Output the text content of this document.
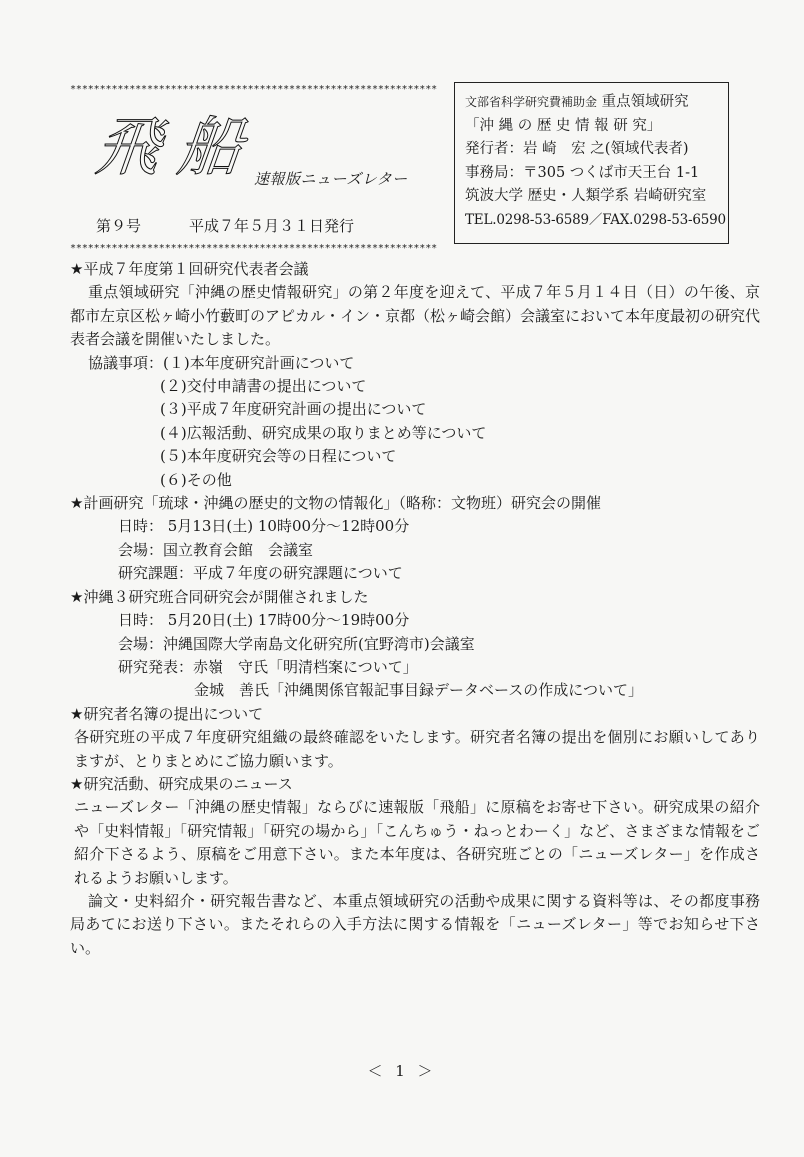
**************************************************************
飛船
速報版ニューズレター
第９号	平成７年５月３１日発行
**************************************************************
文部省科学研究費補助金 重点領域研究
「沖 縄 の 歴 史 情 報 研 究」
発行者：岩 崎　宏 之(領域代表者)
事務局：〒305 つくば市天王台 1-1
筑波大学 歴史・人類学系 岩崎研究室
TEL.0298-53-6589／FAX.0298-53-6590

★平成７年度第１回研究代表者会議

重点領域研究「沖縄の歴史情報研究」の第２年度を迎えて、平成７年５月１４日（日）の午後、京都市左京区松ヶ崎小竹藪町のアピカル・イン・京都（松ヶ崎会館）会議室において本年度最初の研究代表者会議を開催いたしました。

協議事項：(１)本年度研究計画について

(２)交付申請書の提出について

(３)平成７年度研究計画の提出について

(４)広報活動、研究成果の取りまとめ等について

(５)本年度研究会等の日程について

(６)その他

★計画研究「琉球・沖縄の歴史的文物の情報化」（略称：文物班）研究会の開催

日時： 5月13日(土) 10時00分～12時00分

会場：国立教育会館　会議室

研究課題：平成７年度の研究課題について

★沖縄３研究班合同研究会が開催されました

日時： 5月20日(土) 17時00分～19時00分

会場：沖縄国際大学南島文化研究所(宜野湾市)会議室

研究発表：赤嶺　守氏「明清档案について」

金城　善氏「沖縄関係官報記事目録データベースの作成について」

★研究者名簿の提出について

各研究班の平成７年度研究組織の最終確認をいたします。研究者名簿の提出を個別にお願いしてありますが、とりまとめにご協力願います。

★研究活動、研究成果のニュース

ニューズレター「沖縄の歴史情報」ならびに速報版「飛船」に原稿をお寄せ下さい。研究成果の紹介や「史料情報」「研究情報」「研究の場から」「こんちゅう・ねっとわーく」など、さまざまな情報をご紹介下さるよう、原稿をご用意下さい。また本年度は、各研究班ごとの「ニューズレター」を作成されるようお願いします。

論文・史料紹介・研究報告書など、本重点領域研究の活動や成果に関する資料等は、その都度事務局あてにお送り下さい。またそれらの入手方法に関する情報を「ニューズレター」等でお知らせ下さい。

＜ 1 ＞
